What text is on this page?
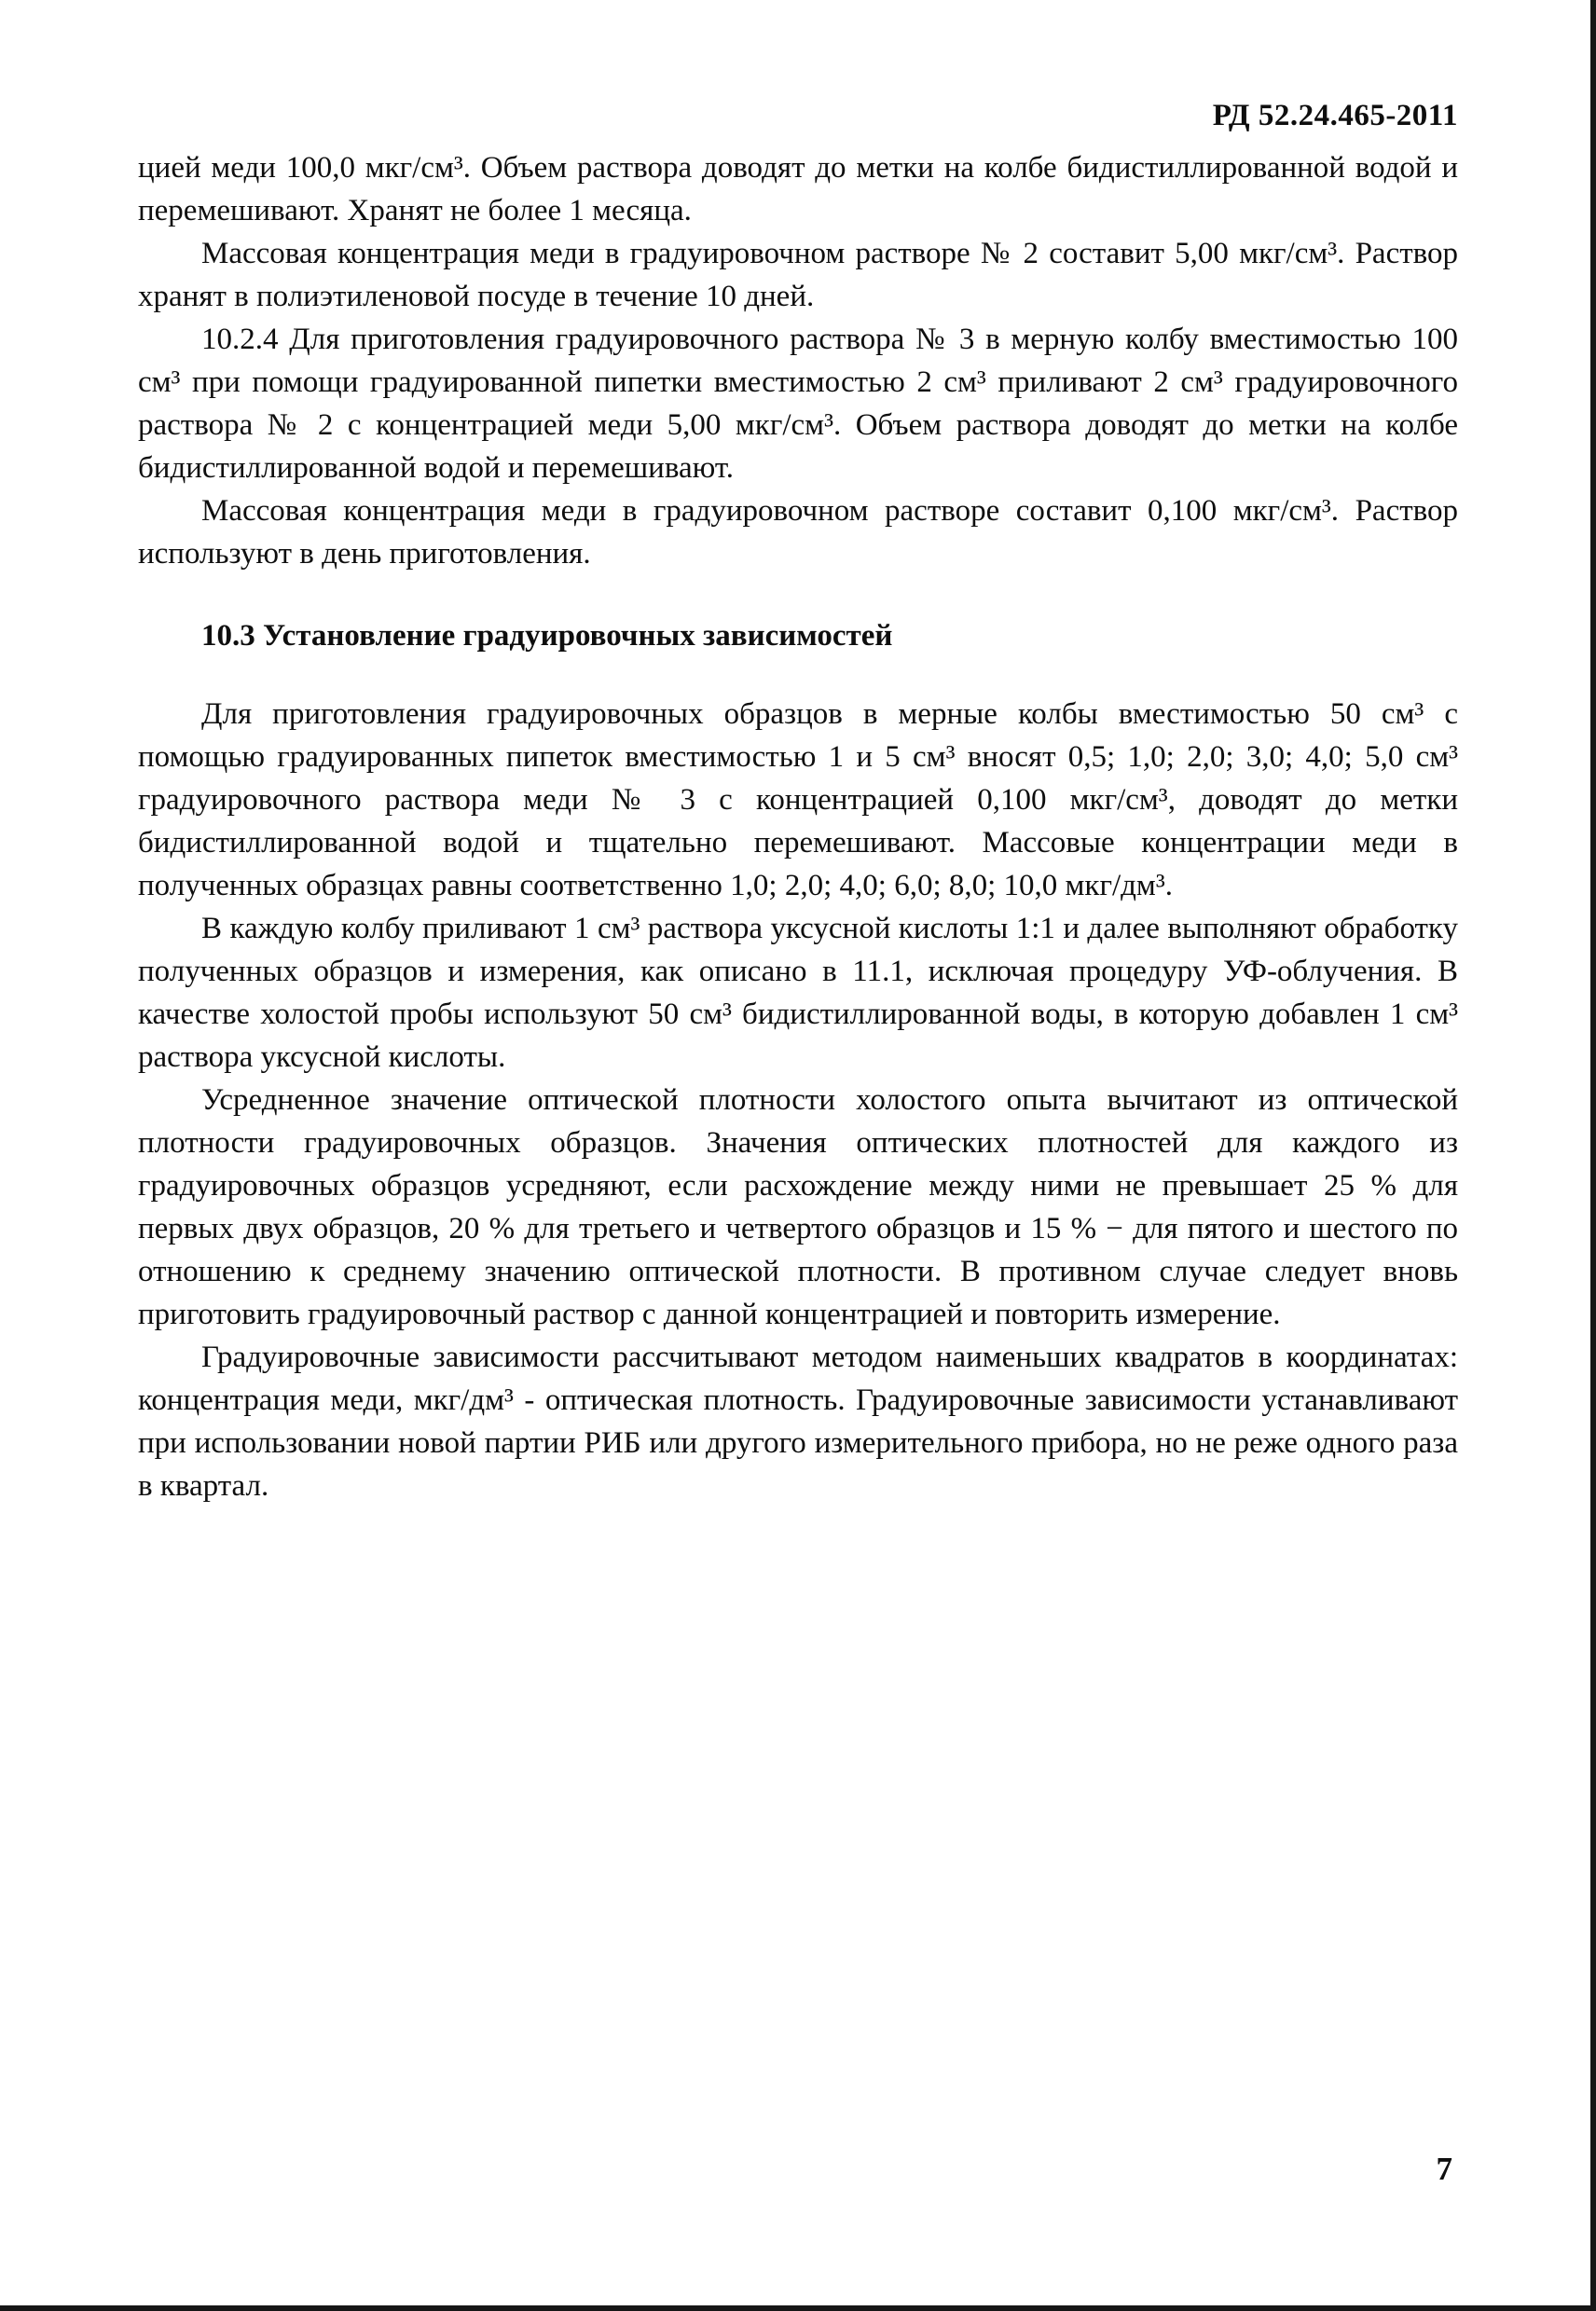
РД 52.24.465-2011

цией меди 100,0 мкг/см³. Объем раствора доводят до метки на колбе бидистиллированной водой и перемешивают. Хранят не более 1 месяца.

Массовая концентрация меди в градуировочном растворе № 2 составит 5,00 мкг/см³. Раствор хранят в полиэтиленовой посуде в течение 10 дней.

10.2.4 Для приготовления градуировочного раствора № 3 в мерную колбу вместимостью 100 см³ при помощи градуированной пипетки вместимостью 2 см³ приливают 2 см³ градуировочного раствора № 2 с концентрацией меди 5,00 мкг/см³. Объем раствора доводят до метки на колбе бидистиллированной водой и перемешивают.

Массовая концентрация меди в градуировочном растворе составит 0,100 мкг/см³. Раствор используют в день приготовления.

10.3 Установление градуировочных зависимостей

Для приготовления градуировочных образцов в мерные колбы вместимостью 50 см³ с помощью градуированных пипеток вместимостью 1 и 5 см³ вносят 0,5; 1,0; 2,0; 3,0; 4,0; 5,0 см³ градуировочного раствора меди № 3 с концентрацией 0,100 мкг/см³, доводят до метки бидистиллированной водой и тщательно перемешивают. Массовые концентрации меди в полученных образцах равны соответственно 1,0; 2,0; 4,0; 6,0; 8,0; 10,0 мкг/дм³.

В каждую колбу приливают 1 см³ раствора уксусной кислоты 1:1 и далее выполняют обработку полученных образцов и измерения, как описано в 11.1, исключая процедуру УФ-облучения. В качестве холостой пробы используют 50 см³ бидистиллированной воды, в которую добавлен 1 см³ раствора уксусной кислоты.

Усредненное значение оптической плотности холостого опыта вычитают из оптической плотности градуировочных образцов. Значения оптических плотностей для каждого из градуировочных образцов усредняют, если расхождение между ними не превышает 25 % для первых двух образцов, 20 % для третьего и четвертого образцов и 15 % − для пятого и шестого по отношению к среднему значению оптической плотности. В противном случае следует вновь приготовить градуировочный раствор с данной концентрацией и повторить измерение.

Градуировочные зависимости рассчитывают методом наименьших квадратов в координатах: концентрация меди, мкг/дм³ - оптическая плотность. Градуировочные зависимости устанавливают при использовании новой партии РИБ или другого измерительного прибора, но не реже одного раза в квартал.

7
